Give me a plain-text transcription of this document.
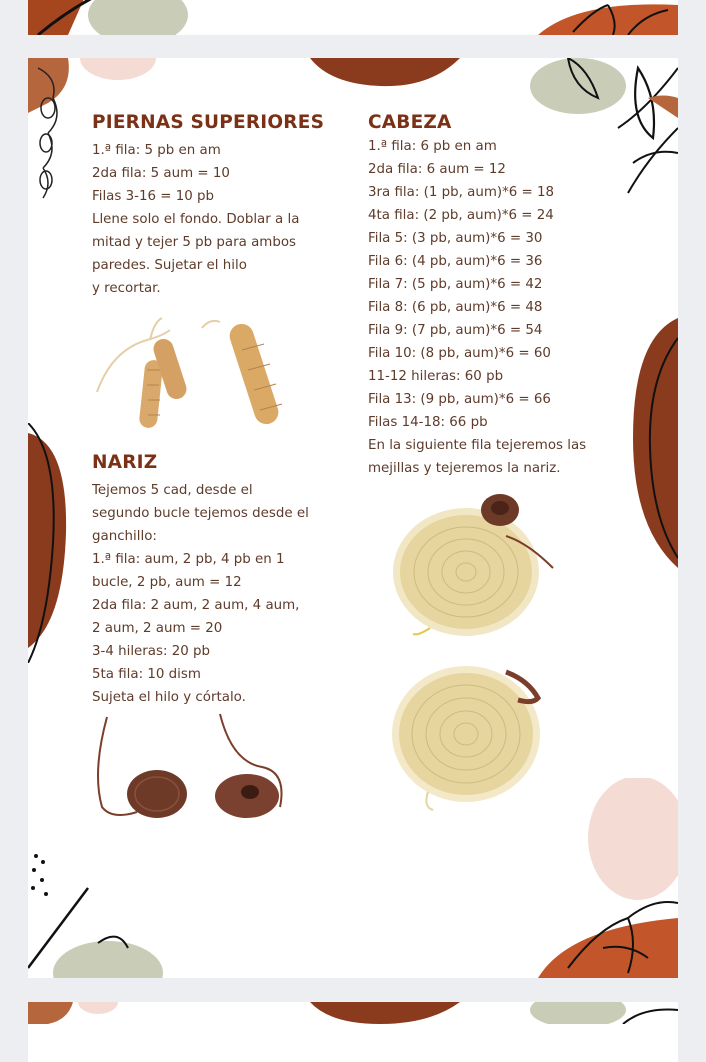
PIERNAS SUPERIORES
1.ª fila: 5 pb en am
2da fila: 5 aum = 10
Filas 3-16 = 10 pb
Llene solo el fondo. Doblar a la
mitad y tejer 5 pb para ambos
paredes. Sujetar el hilo
y recortar.
NARIZ
Tejemos 5 cad, desde el
segundo bucle tejemos desde el
ganchillo:
1.ª fila: aum, 2 pb, 4 pb en 1
bucle, 2 pb, aum = 12
2da fila: 2 aum, 2 aum, 4 aum,
2 aum, 2 aum = 20
3-4 hileras: 20 pb
5ta fila: 10 dism
Sujeta el hilo y córtalo.
CABEZA
1.ª fila: 6 pb en am
2da fila: 6 aum = 12
3ra fila: (1 pb, aum)*6 = 18
4ta fila: (2 pb, aum)*6 = 24
Fila 5: (3 pb, aum)*6 = 30
Fila 6: (4 pb, aum)*6 = 36
Fila 7: (5 pb, aum)*6 = 42
Fila 8: (6 pb, aum)*6 = 48
Fila 9: (7 pb, aum)*6 = 54
Fila 10: (8 pb, aum)*6 = 60
11-12 hileras: 60 pb
Fila 13: (9 pb, aum)*6 = 66
Filas 14-18: 66 pb
En la siguiente fila tejeremos las
mejillas y tejeremos la nariz.
